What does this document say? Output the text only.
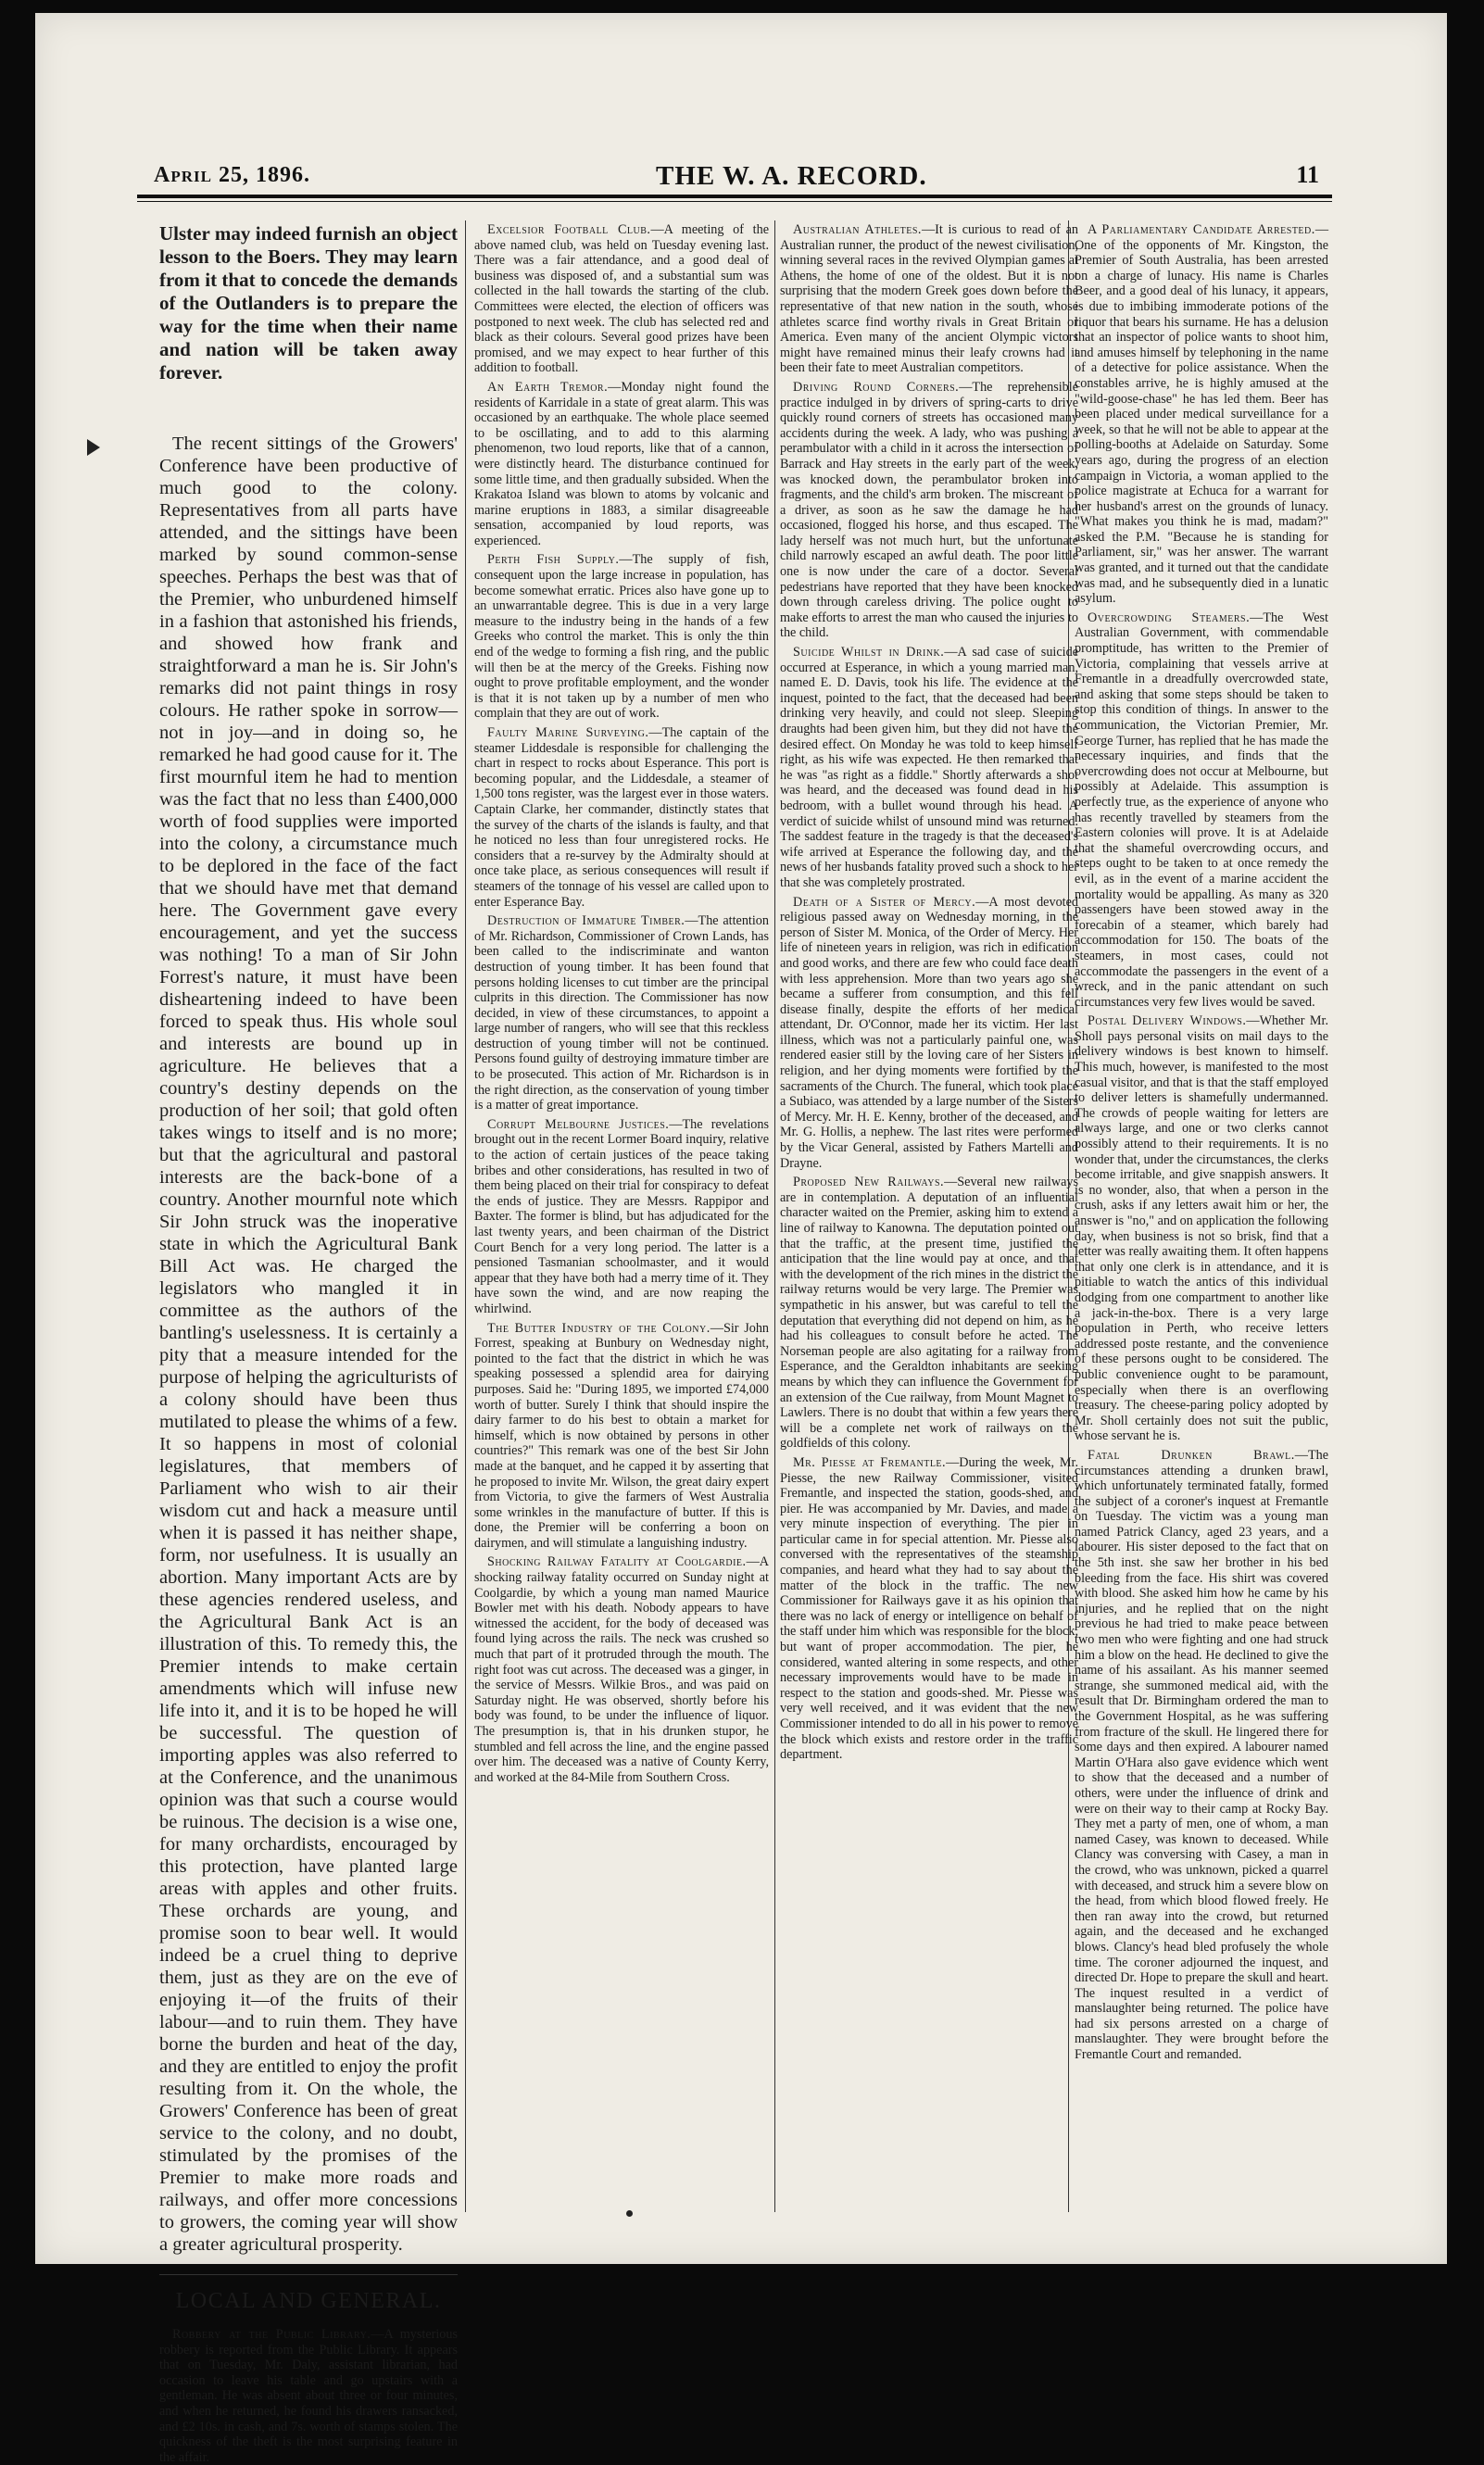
April 25, 1896.	THE W. A. RECORD.	11

Ulster may indeed furnish an object lesson to the Boers. They may learn from it that to concede the demands of the Outlanders is to prepare the way for the time when their name and nation will be taken away forever.

The recent sittings of the Growers' Conference have been productive of much good to the colony. Representatives from all parts have attended, and the sittings have been marked by sound common-sense speeches. Perhaps the best was that of the Premier, who unburdened himself in a fashion that astonished his friends, and showed how frank and straightforward a man he is. Sir John's remarks did not paint things in rosy colours. He rather spoke in sorrow—not in joy—and in doing so, he remarked he had good cause for it. The first mournful item he had to mention was the fact that no less than £400,000 worth of food supplies were imported into the colony, a circumstance much to be deplored in the face of the fact that we should have met that demand here. The Government gave every encouragement, and yet the success was nothing! To a man of Sir John Forrest's nature, it must have been disheartening indeed to have been forced to speak thus. His whole soul and interests are bound up in agriculture. He believes that a country's destiny depends on the production of her soil; that gold often takes wings to itself and is no more; but that the agricultural and pastoral interests are the back-bone of a country. Another mournful note which Sir John struck was the inoperative state in which the Agricultural Bank Bill Act was. He charged the legislators who mangled it in committee as the authors of the bantling's uselessness. It is certainly a pity that a measure intended for the purpose of helping the agriculturists of a colony should have been thus mutilated to please the whims of a few. It so happens in most of colonial legislatures, that members of Parliament who wish to air their wisdom cut and hack a measure until when it is passed it has neither shape, form, nor usefulness. It is usually an abortion. Many important Acts are by these agencies rendered useless, and the Agricultural Bank Act is an illustration of this. To remedy this, the Premier intends to make certain amendments which will infuse new life into it, and it is to be hoped he will be successful. The question of importing apples was also referred to at the Conference, and the unanimous opinion was that such a course would be ruinous. The decision is a wise one, for many orchardists, encouraged by this protection, have planted large areas with apples and other fruits. These orchards are young, and promise soon to bear well. It would indeed be a cruel thing to deprive them, just as they are on the eve of enjoying it—of the fruits of their labour—and to ruin them. They have borne the burden and heat of the day, and they are entitled to enjoy the profit resulting from it. On the whole, the Growers' Conference has been of great service to the colony, and no doubt, stimulated by the promises of the Premier to make more roads and railways, and offer more concessions to growers, the coming year will show a greater agricultural prosperity.

LOCAL AND GENERAL.

Robbery at the Public Library.—A mysterious robbery is reported from the Public Library. It appears that on Tuesday, Mr. Daly, assistant librarian, had occasion to leave his table and go upstairs with a gentleman. He was absent about three or four minutes, and when he returned, he found his drawers ransacked, and £2 10s. in cash, and 7s. worth of stamps stolen. The quickness of the theft is the most surprising feature in the affair.

Excelsior Football Club.—A meeting of the above named club, was held on Tuesday evening last. There was a fair attendance, and a good deal of business was disposed of, and a substantial sum was collected in the hall towards the starting of the club. Committees were elected, the election of officers was postponed to next week. The club has selected red and black as their colours. Several good prizes have been promised, and we may expect to hear further of this addition to football.

An Earth Tremor.—Monday night found the residents of Karridale in a state of great alarm. This was occasioned by an earthquake. The whole place seemed to be oscillating, and to add to this alarming phenomenon, two loud reports, like that of a cannon, were distinctly heard. The disturbance continued for some little time, and then gradually subsided. When the Krakatoa Island was blown to atoms by volcanic and marine eruptions in 1883, a similar disagreeable sensation, accompanied by loud reports, was experienced.

Perth Fish Supply.—The supply of fish, consequent upon the large increase in population, has become somewhat erratic. Prices also have gone up to an unwarrantable degree. This is due in a very large measure to the industry being in the hands of a few Greeks who control the market. This is only the thin end of the wedge to forming a fish ring, and the public will then be at the mercy of the Greeks. Fishing now ought to prove profitable employment, and the wonder is that it is not taken up by a number of men who complain that they are out of work.

Faulty Marine Surveying.—The captain of the steamer Liddesdale is responsible for challenging the chart in respect to rocks about Esperance. This port is becoming popular, and the Liddesdale, a steamer of 1,500 tons register, was the largest ever in those waters. Captain Clarke, her commander, distinctly states that the survey of the charts of the islands is faulty, and that he noticed no less than four unregistered rocks. He considers that a re-survey by the Admiralty should at once take place, as serious consequences will result if steamers of the tonnage of his vessel are called upon to enter Esperance Bay.

Destruction of Immature Timber.—The attention of Mr. Richardson, Commissioner of Crown Lands, has been called to the indiscriminate and wanton destruction of young timber. It has been found that persons holding licenses to cut timber are the principal culprits in this direction. The Commissioner has now decided, in view of these circumstances, to appoint a large number of rangers, who will see that this reckless destruction of young timber will not be continued. Persons found guilty of destroying immature timber are to be prosecuted. This action of Mr. Richardson is in the right direction, as the conservation of young timber is a matter of great importance.

Corrupt Melbourne Justices.—The revelations brought out in the recent Lormer Board inquiry, relative to the action of certain justices of the peace taking bribes and other considerations, has resulted in two of them being placed on their trial for conspiracy to defeat the ends of justice. They are Messrs. Rappipor and Baxter. The former is blind, but has adjudicated for the last twenty years, and been chairman of the District Court Bench for a very long period. The latter is a pensioned Tasmanian schoolmaster, and it would appear that they have both had a merry time of it. They have sown the wind, and are now reaping the whirlwind.

The Butter Industry of the Colony.—Sir John Forrest, speaking at Bunbury on Wednesday night, pointed to the fact that the district in which he was speaking possessed a splendid area for dairying purposes. Said he: "During 1895, we imported £74,000 worth of butter. Surely I think that should inspire the dairy farmer to do his best to obtain a market for himself, which is now obtained by persons in other countries?" This remark was one of the best Sir John made at the banquet, and he capped it by asserting that he proposed to invite Mr. Wilson, the great dairy expert from Victoria, to give the farmers of West Australia some wrinkles in the manufacture of butter. If this is done, the Premier will be conferring a boon on dairymen, and will stimulate a languishing industry.

Shocking Railway Fatality at Coolgardie.—A shocking railway fatality occurred on Sunday night at Coolgardie, by which a young man named Maurice Bowler met with his death. Nobody appears to have witnessed the accident, for the body of deceased was found lying across the rails. The neck was crushed so much that part of it protruded through the mouth. The right foot was cut across. The deceased was a ginger, in the service of Messrs. Wilkie Bros., and was paid on Saturday night. He was observed, shortly before his body was found, to be under the influence of liquor. The presumption is, that in his drunken stupor, he stumbled and fell across the line, and the engine passed over him. The deceased was a native of County Kerry, and worked at the 84-Mile from Southern Cross.

Australian Athletes.—It is curious to read of an Australian runner, the product of the newest civilisation, winning several races in the revived Olympian games at Athens, the home of one of the oldest. But it is not surprising that the modern Greek goes down before the representative of that new nation in the south, whose athletes scarce find worthy rivals in Great Britain or America. Even many of the ancient Olympic victors might have remained minus their leafy crowns had it been their fate to meet Australian competitors.

Driving Round Corners.—The reprehensible practice indulged in by drivers of spring-carts to drive quickly round corners of streets has occasioned many accidents during the week. A lady, who was pushing a perambulator with a child in it across the intersection of Barrack and Hay streets in the early part of the week, was knocked down, the perambulator broken into fragments, and the child's arm broken. The miscreant of a driver, as soon as he saw the damage he had occasioned, flogged his horse, and thus escaped. The lady herself was not much hurt, but the unfortunate child narrowly escaped an awful death. The poor little one is now under the care of a doctor. Several pedestrians have reported that they have been knocked down through careless driving. The police ought to make efforts to arrest the man who caused the injuries to the child.

Suicide Whilst in Drink.—A sad case of suicide occurred at Esperance, in which a young married man, named E. D. Davis, took his life. The evidence at the inquest, pointed to the fact, that the deceased had been drinking very heavily, and could not sleep. Sleeping draughts had been given him, but they did not have the desired effect. On Monday he was told to keep himself right, as his wife was expected. He then remarked that he was "as right as a fiddle." Shortly afterwards a shot was heard, and the deceased was found dead in his bedroom, with a bullet wound through his head. A verdict of suicide whilst of unsound mind was returned. The saddest feature in the tragedy is that the deceased's wife arrived at Esperance the following day, and the news of her husbands fatality proved such a shock to her that she was completely prostrated.

Death of a Sister of Mercy.—A most devoted religious passed away on Wednesday morning, in the person of Sister M. Monica, of the Order of Mercy. Her life of nineteen years in religion, was rich in edification and good works, and there are few who could face death with less apprehension. More than two years ago she became a sufferer from consumption, and this fell disease finally, despite the efforts of her medical attendant, Dr. O'Connor, made her its victim. Her last illness, which was not a particularly painful one, was rendered easier still by the loving care of her Sisters in religion, and her dying moments were fortified by the sacraments of the Church. The funeral, which took place a Subiaco, was attended by a large number of the Sisters of Mercy. Mr. H. E. Kenny, brother of the deceased, and Mr. G. Hollis, a nephew. The last rites were performed by the Vicar General, assisted by Fathers Martelli and Drayne.

Proposed New Railways.—Several new railways are in contemplation. A deputation of an influential character waited on the Premier, asking him to extend a line of railway to Kanowna. The deputation pointed out that the traffic, at the present time, justified the anticipation that the line would pay at once, and that with the development of the rich mines in the district the railway returns would be very large. The Premier was sympathetic in his answer, but was careful to tell the deputation that everything did not depend on him, as he had his colleagues to consult before he acted. The Norseman people are also agitating for a railway from Esperance, and the Geraldton inhabitants are seeking means by which they can influence the Government for an extension of the Cue railway, from Mount Magnet to Lawlers. There is no doubt that within a few years there will be a complete net work of railways on the goldfields of this colony.

Mr. Piesse at Fremantle.—During the week, Mr. Piesse, the new Railway Commissioner, visited Fremantle, and inspected the station, goods-shed, and pier. He was accompanied by Mr. Davies, and made a very minute inspection of everything. The pier in particular came in for special attention. Mr. Piesse also conversed with the representatives of the steamship companies, and heard what they had to say about the matter of the block in the traffic. The new Commissioner for Railways gave it as his opinion that there was no lack of energy or intelligence on behalf of the staff under him which was responsible for the block, but want of proper accommodation. The pier, he considered, wanted altering in some respects, and other necessary improvements would have to be made in respect to the station and goods-shed. Mr. Piesse was very well received, and it was evident that the new Commissioner intended to do all in his power to remove the block which exists and restore order in the traffic department.

A Parliamentary Candidate Arrested.—One of the opponents of Mr. Kingston, the Premier of South Australia, has been arrested on a charge of lunacy. His name is Charles Beer, and a good deal of his lunacy, it appears, is due to imbibing immoderate potions of the liquor that bears his surname. He has a delusion that an inspector of police wants to shoot him, and amuses himself by telephoning in the name of a detective for police assistance. When the constables arrive, he is highly amused at the "wild-goose-chase" he has led them. Beer has been placed under medical surveillance for a week, so that he will not be able to appear at the polling-booths at Adelaide on Saturday. Some years ago, during the progress of an election campaign in Victoria, a woman applied to the police magistrate at Echuca for a warrant for her husband's arrest on the grounds of lunacy. "What makes you think he is mad, madam?" asked the P.M. "Because he is standing for Parliament, sir," was her answer. The warrant was granted, and it turned out that the candidate was mad, and he subsequently died in a lunatic asylum.

Overcrowding Steamers.—The West Australian Government, with commendable promptitude, has written to the Premier of Victoria, complaining that vessels arrive at Fremantle in a dreadfully overcrowded state, and asking that some steps should be taken to stop this condition of things. In answer to the communication, the Victorian Premier, Mr. George Turner, has replied that he has made the necessary inquiries, and finds that the overcrowding does not occur at Melbourne, but possibly at Adelaide. This assumption is perfectly true, as the experience of anyone who has recently travelled by steamers from the Eastern colonies will prove. It is at Adelaide that the shameful overcrowding occurs, and steps ought to be taken to at once remedy the evil, as in the event of a marine accident the mortality would be appalling. As many as 320 passengers have been stowed away in the forecabin of a steamer, which barely had accommodation for 150. The boats of the steamers, in most cases, could not accommodate the passengers in the event of a wreck, and in the panic attendant on such circumstances very few lives would be saved.

Postal Delivery Windows.—Whether Mr. Sholl pays personal visits on mail days to the delivery windows is best known to himself. This much, however, is manifested to the most casual visitor, and that is that the staff employed to deliver letters is shamefully undermanned. The crowds of people waiting for letters are always large, and one or two clerks cannot possibly attend to their requirements. It is no wonder that, under the circumstances, the clerks become irritable, and give snappish answers. It is no wonder, also, that when a person in the crush, asks if any letters await him or her, the answer is "no," and on application the following day, when business is not so brisk, find that a letter was really awaiting them. It often happens that only one clerk is in attendance, and it is pitiable to watch the antics of this individual dodging from one compartment to another like a jack-in-the-box. There is a very large population in Perth, who receive letters addressed poste restante, and the convenience of these persons ought to be considered. The public convenience ought to be paramount, especially when there is an overflowing treasury. The cheese-paring policy adopted by Mr. Sholl certainly does not suit the public, whose servant he is.

Fatal Drunken Brawl.—The circumstances attending a drunken brawl, which unfortunately terminated fatally, formed the subject of a coroner's inquest at Fremantle on Tuesday. The victim was a young man named Patrick Clancy, aged 23 years, and a labourer. His sister deposed to the fact that on the 5th inst. she saw her brother in his bed bleeding from the face. His shirt was covered with blood. She asked him how he came by his injuries, and he replied that on the night previous he had tried to make peace between two men who were fighting and one had struck him a blow on the head. He declined to give the name of his assailant. As his manner seemed strange, she summoned medical aid, with the result that Dr. Birmingham ordered the man to the Government Hospital, as he was suffering from fracture of the skull. He lingered there for some days and then expired. A labourer named Martin O'Hara also gave evidence which went to show that the deceased and a number of others, were under the influence of drink and were on their way to their camp at Rocky Bay. They met a party of men, one of whom, a man named Casey, was known to deceased. While Clancy was conversing with Casey, a man in the crowd, who was unknown, picked a quarrel with deceased, and struck him a severe blow on the head, from which blood flowed freely. He then ran away into the crowd, but returned again, and the deceased and he exchanged blows. Clancy's head bled profusely the whole time. The coroner adjourned the inquest, and directed Dr. Hope to prepare the skull and heart. The inquest resulted in a verdict of manslaughter being returned. The police have had six persons arrested on a charge of manslaughter. They were brought before the Fremantle Court and remanded.
